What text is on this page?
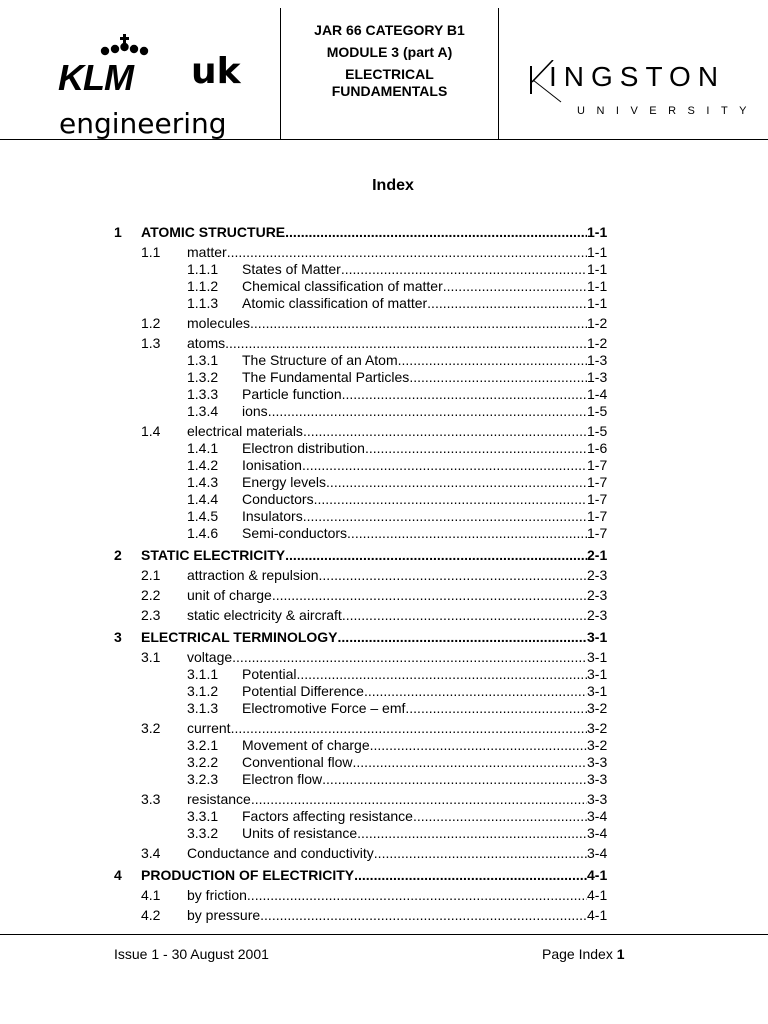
KLM uk
engineering
JAR 66 CATEGORY B1
MODULE 3 (part A)
ELECTRICAL
FUNDAMENTALS	INGSTON
UNIVERSITY
Index
1 ATOMIC STRUCTURE .....	1-1
1.1 matter .....	1-1
1.1.1 States of Matter .....	1-1
1.1.2 Chemical classification of matter .....	1-1
1.1.3 Atomic classification of matter .....	1-1
1.2 molecules .....	1-2
1.3 atoms .....	1-2
1.3.1 The Structure of an Atom .....	1-3
1.3.2 The Fundamental Particles .....	1-3
1.3.3 Particle function .....	1-4
1.3.4 ions .....	1-5
1.4 electrical materials .....	1-5
1.4.1 Electron distribution .....	1-6
1.4.2 Ionisation .....	1-7
1.4.3 Energy levels .....	1-7
1.4.4 Conductors .....	1-7
1.4.5 Insulators .....	1-7
1.4.6 Semi-conductors .....	1-7
2 STATIC ELECTRICITY .....	2-1
2.1 attraction & repulsion .....	2-3
2.2 unit of charge .....	2-3
2.3 static electricity & aircraft .....	2-3
3 ELECTRICAL TERMINOLOGY .....	3-1
3.1 voltage .....	3-1
3.1.1 Potential .....	3-1
3.1.2 Potential Difference .....	3-1
3.1.3 Electromotive Force – emf .....	3-2
3.2 current .....	3-2
3.2.1 Movement of charge .....	3-2
3.2.2 Conventional flow .....	3-3
3.2.3 Electron flow .....	3-3
3.3 resistance .....	3-3
3.3.1 Factors affecting resistance .....	3-4
3.3.2 Units of resistance .....	3-4
3.4 Conductance and conductivity .....	3-4
4 PRODUCTION OF ELECTRICITY .....	4-1
4.1 by friction .....	4-1
4.2 by pressure .....	4-1
Issue 1 - 30 August 2001	Page Index 1
